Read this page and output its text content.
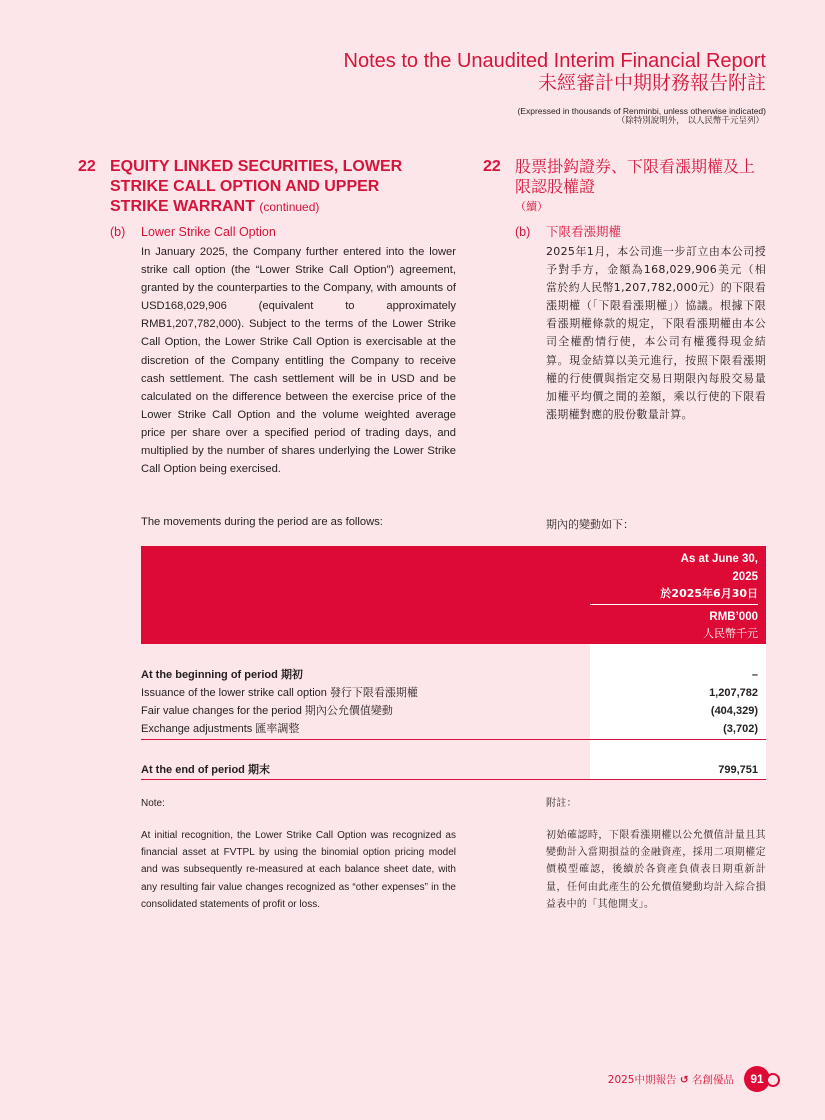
Notes to the Unaudited Interim Financial Report
未經審計中期財務報告附註
(Expressed in thousands of Renminbi, unless otherwise indicated)
（除特別說明外， 以人民幣千元呈列）
22 EQUITY LINKED SECURITIES, LOWER STRIKE CALL OPTION AND UPPER STRIKE WARRANT (continued)
22 股票掛鈎證券、下限看漲期權及上限認股權證
（續）
(b) Lower Strike Call Option	(b) 下限看漲期權
In January 2025, the Company further entered into the lower strike call option (the “Lower Strike Call Option”) agreement, granted by the counterparties to the Company, with amounts of USD168,029,906 (equivalent to approximately RMB1,207,782,000). Subject to the terms of the Lower Strike Call Option, the Lower Strike Call Option is exercisable at the discretion of the Company entitling the Company to receive cash settlement. The cash settlement will be in USD and be calculated on the difference between the exercise price of the Lower Strike Call Option and the volume weighted average price per share over a specified period of trading days, and multiplied by the number of shares underlying the Lower Strike Call Option being exercised.
2025年1月，本公司進一步訂立由本公司授予對手方，金額為168,029,906美元（相當於約人民幣1,207,782,000元）的下限看漲期權（「下限看漲期權」）協議。根據下限看漲期權條款的規定，下限看漲期權由本公司全權酌情行使，本公司有權獲得現金結算。現金結算以美元進行，按照下限看漲期權的行使價與指定交易日期限內每股交易量加權平均價之間的差額，乘以行使的下限看漲期權對應的股份數量計算。
The movements during the period are as follows:	期內的變動如下：
As at June 30,
2025
於2025年6月30日
RMB’000
人民幣千元
At the beginning of period 期初	–
Issuance of the lower strike call option 發行下限看漲期權	1,207,782
Fair value changes for the period 期內公允價值變動	(404,329)
Exchange adjustments 匯率調整	(3,702)
At the end of period 期末	799,751
Note:	附註：
At initial recognition, the Lower Strike Call Option was recognized as financial asset at FVTPL by using the binomial option pricing model and was subsequently re-measured at each balance sheet date, with any resulting fair value changes recognized as “other expenses” in the consolidated statements of profit or loss.
初始確認時，下限看漲期權以公允價值計量且其變動計入當期損益的金融資產，採用二項期權定價模型確認，後續於各資產負債表日期重新計量，任何由此產生的公允價值變動均計入綜合損益表中的「其他開支」。
2025中期報告 ↺ 名創優品	91
